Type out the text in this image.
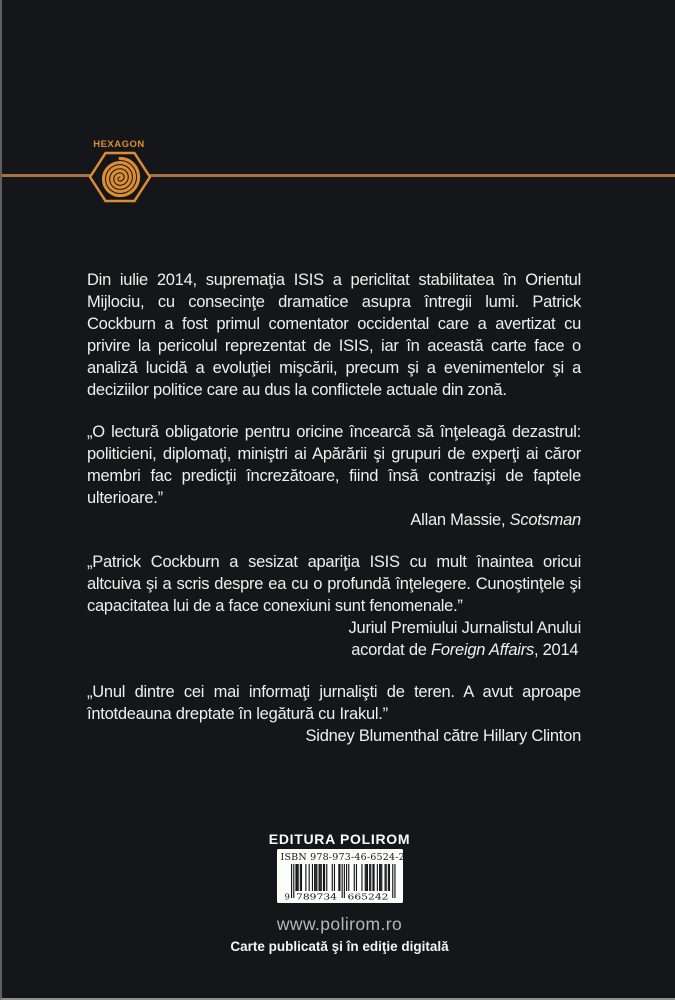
HEXAGON

Din iulie 2014, supremaţia ISIS a periclitat stabilitatea în Orientul Mijlociu, cu consecinţe dramatice asupra întregii lumi. Patrick Cockburn a fost primul comentator occidental care a avertizat cu privire la pericolul reprezentat de ISIS, iar în această carte face o analiză lucidă a evoluţiei mişcării, precum şi a evenimentelor şi a deciziilor politice care au dus la conflictele actuale din zonă.

„O lectură obligatorie pentru oricine încearcă să înţeleagă dezastrul: politicieni, diplomaţi, miniştri ai Apărării şi grupuri de experţi ai căror membri fac predicţii încrezătoare, fiind însă contrazişi de faptele ulterioare.”

Allan Massie, Scotsman

„Patrick Cockburn a sesizat apariţia ISIS cu mult înaintea oricui altcuiva şi a scris despre ea cu o profundă înţelegere. Cunoştinţele şi capacitatea lui de a face conexiuni sunt fenomenale.”

Juriul Premiului Jurnalistul Anului
acordat de Foreign Affairs, 2014

„Unul dintre cei mai informaţi jurnalişti de teren. A avut aproape întotdeauna dreptate în legătură cu Irakul.”

Sidney Blumenthal către Hillary Clinton

EDITURA POLIROM
ISBN 978-973-46-6524-2
9 789734 665242
www.polirom.ro
Carte publicată şi în ediţie digitală
